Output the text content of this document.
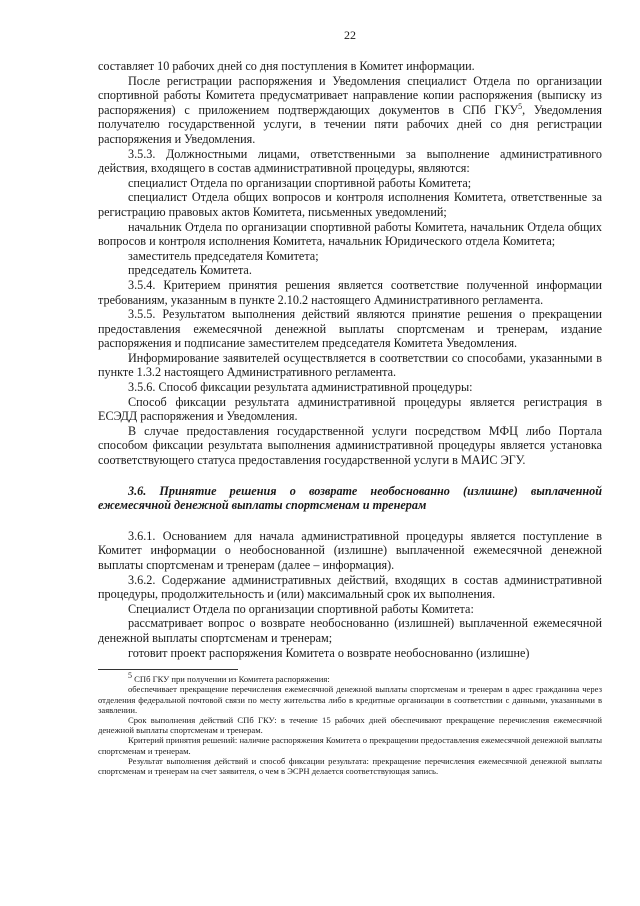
22

составляет 10 рабочих дней со дня поступления в Комитет информации.

После регистрации распоряжения и Уведомления специалист Отдела по организации спортивной работы Комитета предусматривает направление копии распоряжения (выписку из распоряжения) с приложением подтверждающих документов в СПб ГКУ$^5$, Уведомления получателю государственной услуги, в течении пяти рабочих дней со дня регистрации распоряжения и Уведомления.

3.5.3. Должностными лицами, ответственными за выполнение административного действия, входящего в состав административной процедуры, являются:

специалист Отдела по организации спортивной работы Комитета;

специалист Отдела общих вопросов и контроля исполнения Комитета, ответственные за регистрацию правовых актов Комитета, письменных уведомлений;

начальник Отдела по организации спортивной работы Комитета, начальник Отдела общих вопросов и контроля исполнения Комитета, начальник Юридического отдела Комитета;

заместитель председателя Комитета;

председатель Комитета.

3.5.4. Критерием принятия решения является соответствие полученной информации требованиям, указанным в пункте 2.10.2 настоящего Административного регламента.

3.5.5. Результатом выполнения действий являются принятие решения о прекращении предоставления ежемесячной денежной выплаты спортсменам и тренерам, издание распоряжения и подписание заместителем председателя Комитета Уведомления.

Информирование заявителей осуществляется в соответствии со способами, указанными в пункте 1.3.2 настоящего Административного регламента.

3.5.6. Способ фиксации результата административной процедуры:

Способ фиксации результата административной процедуры является регистрация в ЕСЭДД распоряжения и Уведомления.

В случае предоставления государственной услуги посредством МФЦ либо Портала способом фиксации результата выполнения административной процедуры является установка соответствующего статуса предоставления государственной услуги в МАИС ЭГУ.

3.6. Принятие решения о возврате необоснованно (излишне) выплаченной ежемесячной денежной выплаты спортсменам и тренерам

3.6.1. Основанием для начала административной процедуры является поступление в Комитет информации о необоснованной (излишне) выплаченной ежемесячной денежной выплаты спортсменам и тренерам (далее – информация).

3.6.2. Содержание административных действий, входящих в состав административной процедуры, продолжительность и (или) максимальный срок их выполнения.

Специалист Отдела по организации спортивной работы Комитета:

рассматривает вопрос о возврате необоснованно (излишней) выплаченной ежемесячной денежной выплаты спортсменам и тренерам;

готовит проект распоряжения Комитета о возврате необоснованно (излишне)

$^5$ СПб ГКУ при получении из Комитета распоряжения:

обеспечивает прекращение перечисления ежемесячной денежной выплаты спортсменам и тренерам в адрес гражданина через отделения федеральной почтовой связи по месту жительства либо в кредитные организации в соответствии с данными, указанными в заявлении.

Срок выполнения действий СПб ГКУ: в течение 15 рабочих дней обеспечивают прекращение перечисления ежемесячной денежной выплаты спортсменам и тренерам.

Критерий принятия решений: наличие распоряжения Комитета о прекращении предоставления ежемесячной денежной выплаты спортсменам и тренерам.

Результат выполнения действий и способ фиксации результата: прекращение перечисления ежемесячной денежной выплаты спортсменам и тренерам на счет заявителя, о чем в ЭСРН делается соответствующая запись.
